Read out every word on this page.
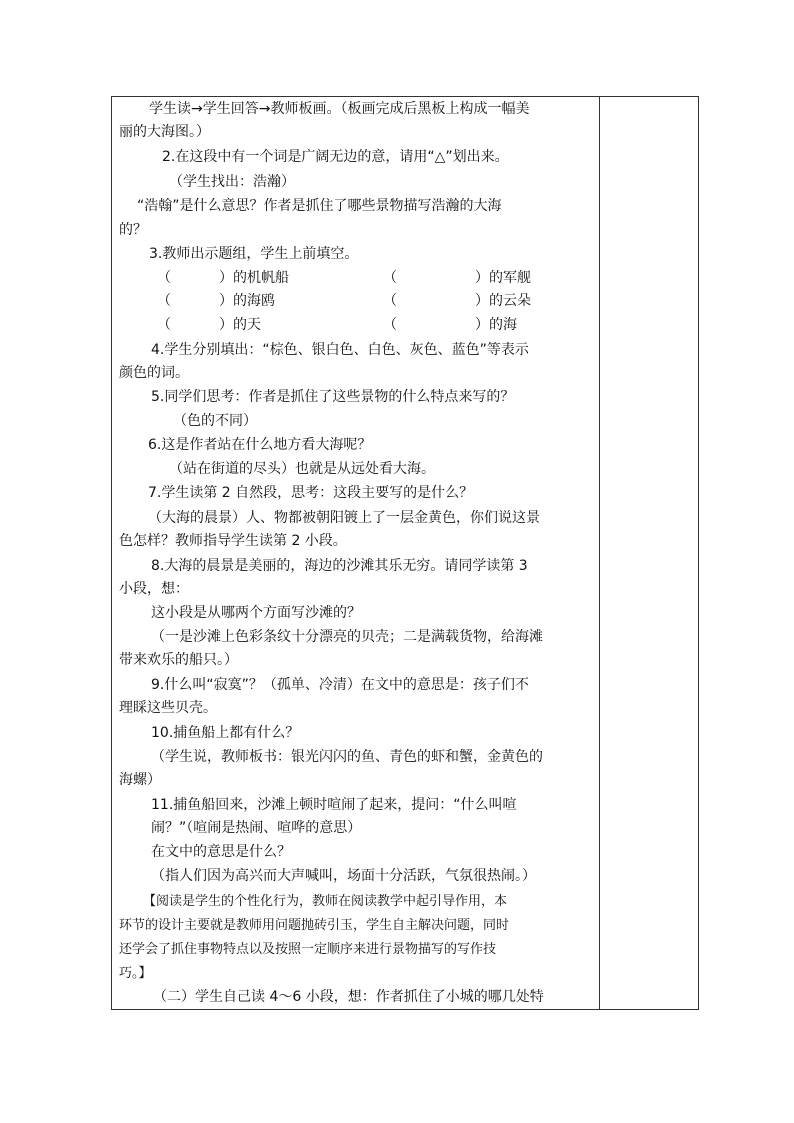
学生读→学生回答→教师板画。（板画完成后黑板上构成一幅美
丽的大海图。）
2.在这段中有一个词是广阔无边的意，请用“△”划出来。
（学生找出：浩瀚）
“浩翰”是什么意思？作者是抓住了哪些景物描写浩瀚的大海
的？
3.教师出示题组，学生上前填空。
（	）的机帆船	（	）的军舰
（	）的海鸥	（	）的云朵
（	）的天	（	）的海
4.学生分别填出：“棕色、银白色、白色、灰色、蓝色”等表示
颜色的词。
5.同学们思考：作者是抓住了这些景物的什么特点来写的？
（色的不同）
6.这是作者站在什么地方看大海呢？
（站在街道的尽头）也就是从远处看大海。
7.学生读第 2 自然段，思考：这段主要写的是什么？
（大海的晨景）人、物都被朝阳镀上了一层金黄色，你们说这景
色怎样？教师指导学生读第 2 小段。
8.大海的晨景是美丽的，海边的沙滩其乐无穷。请同学读第 3
小段，想：
这小段是从哪两个方面写沙滩的？
（一是沙滩上色彩条纹十分漂亮的贝壳；二是满载货物，给海滩
带来欢乐的船只。）
9.什么叫“寂寞”？（孤单、冷清）在文中的意思是：孩子们不
理睬这些贝壳。
10.捕鱼船上都有什么？
（学生说，教师板书：银光闪闪的鱼、青色的虾和蟹，金黄色的
海螺）
11.捕鱼船回来，沙滩上顿时喧闹了起来，提问：“什么叫喧
闹？”（喧闹是热闹、喧哗的意思）
在文中的意思是什么？
（指人们因为高兴而大声喊叫，场面十分活跃，气氛很热闹。）
【阅读是学生的个性化行为，教师在阅读教学中起引导作用，本
环节的设计主要就是教师用问题抛砖引玉，学生自主解决问题，同时
还学会了抓住事物特点以及按照一定顺序来进行景物描写的写作技
巧。】
（二）学生自己读 4～6 小段，想：作者抓住了小城的哪几处特
